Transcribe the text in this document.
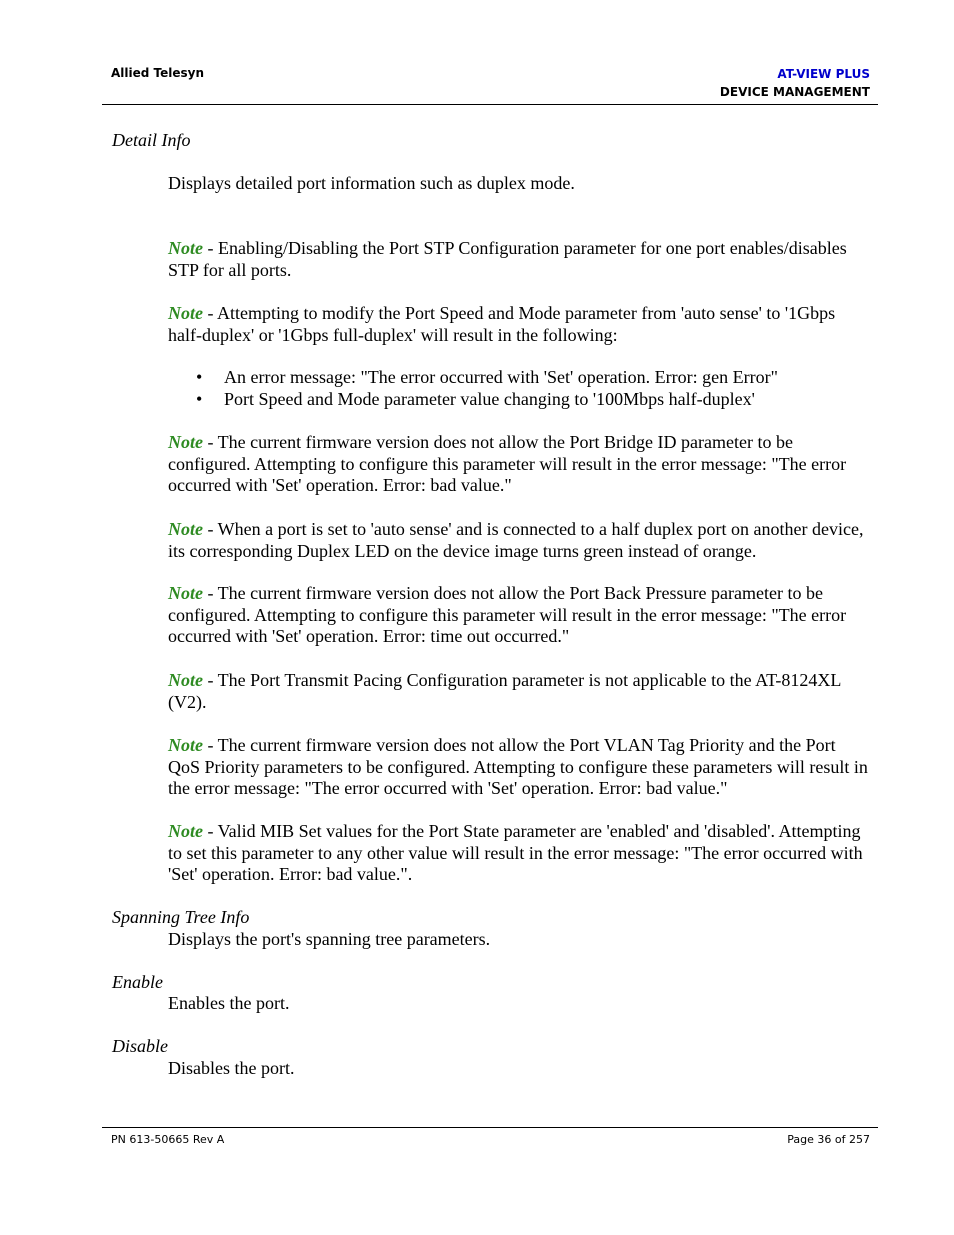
Allied Telesyn	AT-VIEW PLUS
DEVICE MANAGEMENT
Detail Info
Displays detailed port information such as duplex mode.
Note - Enabling/Disabling the Port STP Configuration parameter for one port enables/disables STP for all ports.
Note - Attempting to modify the Port Speed and Mode parameter from 'auto sense' to '1Gbps half-duplex' or '1Gbps full-duplex' will result in the following:
• An error message: "The error occurred with 'Set' operation. Error: gen Error"
• Port Speed and Mode parameter value changing to '100Mbps half-duplex'
Note - The current firmware version does not allow the Port Bridge ID parameter to be configured. Attempting to configure this parameter will result in the error message: "The error occurred with 'Set' operation. Error: bad value."
Note - When a port is set to 'auto sense' and is connected to a half duplex port on another device, its corresponding Duplex LED on the device image turns green instead of orange.
Note - The current firmware version does not allow the Port Back Pressure parameter to be configured. Attempting to configure this parameter will result in the error message: "The error occurred with 'Set' operation. Error: time out occurred."
Note - The Port Transmit Pacing Configuration parameter is not applicable to the AT-8124XL (V2).
Note - The current firmware version does not allow the Port VLAN Tag Priority and the Port QoS Priority parameters to be configured. Attempting to configure these parameters will result in the error message: "The error occurred with 'Set' operation. Error: bad value."
Note - Valid MIB Set values for the Port State parameter are 'enabled' and 'disabled'. Attempting to set this parameter to any other value will result in the error message: "The error occurred with 'Set' operation. Error: bad value.".
Spanning Tree Info
Displays the port's spanning tree parameters.
Enable
Enables the port.
Disable
Disables the port.
PN 613-50665 Rev A	Page 36 of 257
